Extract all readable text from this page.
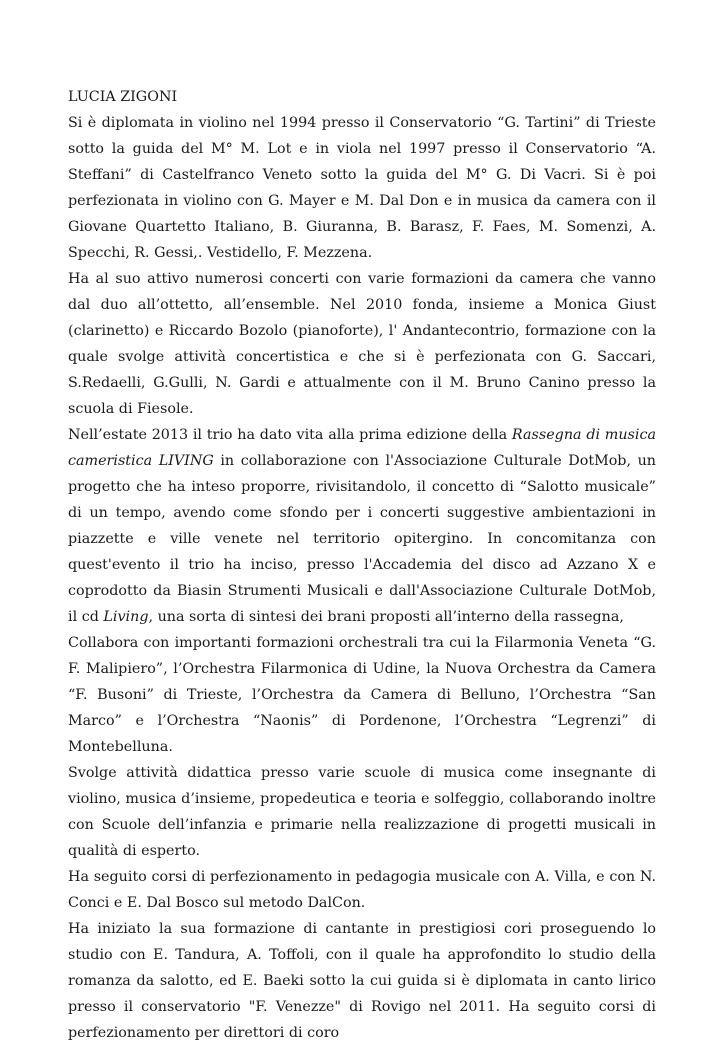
LUCIA ZIGONI

Si è diplomata in violino nel 1994 presso il Conservatorio “G. Tartini” di Trieste sotto la guida del M° M. Lot e in viola nel 1997 presso il Conservatorio “A. Steffani” di Castelfranco Veneto sotto la guida del M° G. Di Vacri. Si è poi perfezionata in violino con G. Mayer e M. Dal Don e in musica da camera con il Giovane Quartetto Italiano, B. Giuranna, B. Barasz, F. Faes, M. Somenzi, A. Specchi, R. Gessi,. Vestidello, F. Mezzena.

Ha al suo attivo numerosi concerti con varie formazioni da camera che vanno dal duo all’ottetto, all’ensemble. Nel 2010 fonda, insieme a Monica Giust (clarinetto) e Riccardo Bozolo (pianoforte), l' Andantecontrio, formazione con la quale svolge attività concertistica e che si è perfezionata con G. Saccari, S.Redaelli, G.Gulli, N. Gardi e attualmente con il M. Bruno Canino presso la scuola di Fiesole.

Nell’estate 2013 il trio ha dato vita alla prima edizione della Rassegna di musica cameristica LIVING in collaborazione con l'Associazione Culturale DotMob, un progetto che ha inteso proporre, rivisitandolo, il concetto di “Salotto musicale” di un tempo, avendo come sfondo per i concerti suggestive ambientazioni in piazzette e ville venete nel territorio opitergino. In concomitanza con quest'evento il trio ha inciso, presso l'Accademia del disco ad Azzano X e coprodotto da Biasin Strumenti Musicali e dall'Associazione Culturale DotMob, il cd Living, una sorta di sintesi dei brani proposti all’interno della rassegna,

Collabora con importanti formazioni orchestrali tra cui la Filarmonia Veneta “G. F. Malipiero”, l’Orchestra Filarmonica di Udine, la Nuova Orchestra da Camera “F. Busoni” di Trieste, l’Orchestra da Camera di Belluno, l’Orchestra “San Marco” e l’Orchestra “Naonis” di Pordenone, l’Orchestra “Legrenzi” di Montebelluna.

Svolge attività didattica presso varie scuole di musica come insegnante di violino, musica d’insieme, propedeutica e teoria e solfeggio, collaborando inoltre con Scuole dell’infanzia e primarie nella realizzazione di progetti musicali in qualità di esperto.

Ha seguito corsi di perfezionamento in pedagogia musicale con A. Villa, e con N. Conci e E. Dal Bosco sul metodo DalCon.

Ha iniziato la sua formazione di cantante in prestigiosi cori proseguendo lo studio con E. Tandura, A. Toffoli, con il quale ha approfondito lo studio della romanza da salotto, ed E. Baeki sotto la cui guida si è diplomata in canto lirico presso il conservatorio "F. Venezze" di Rovigo nel 2011. Ha seguito corsi di perfezionamento per direttori di coro
